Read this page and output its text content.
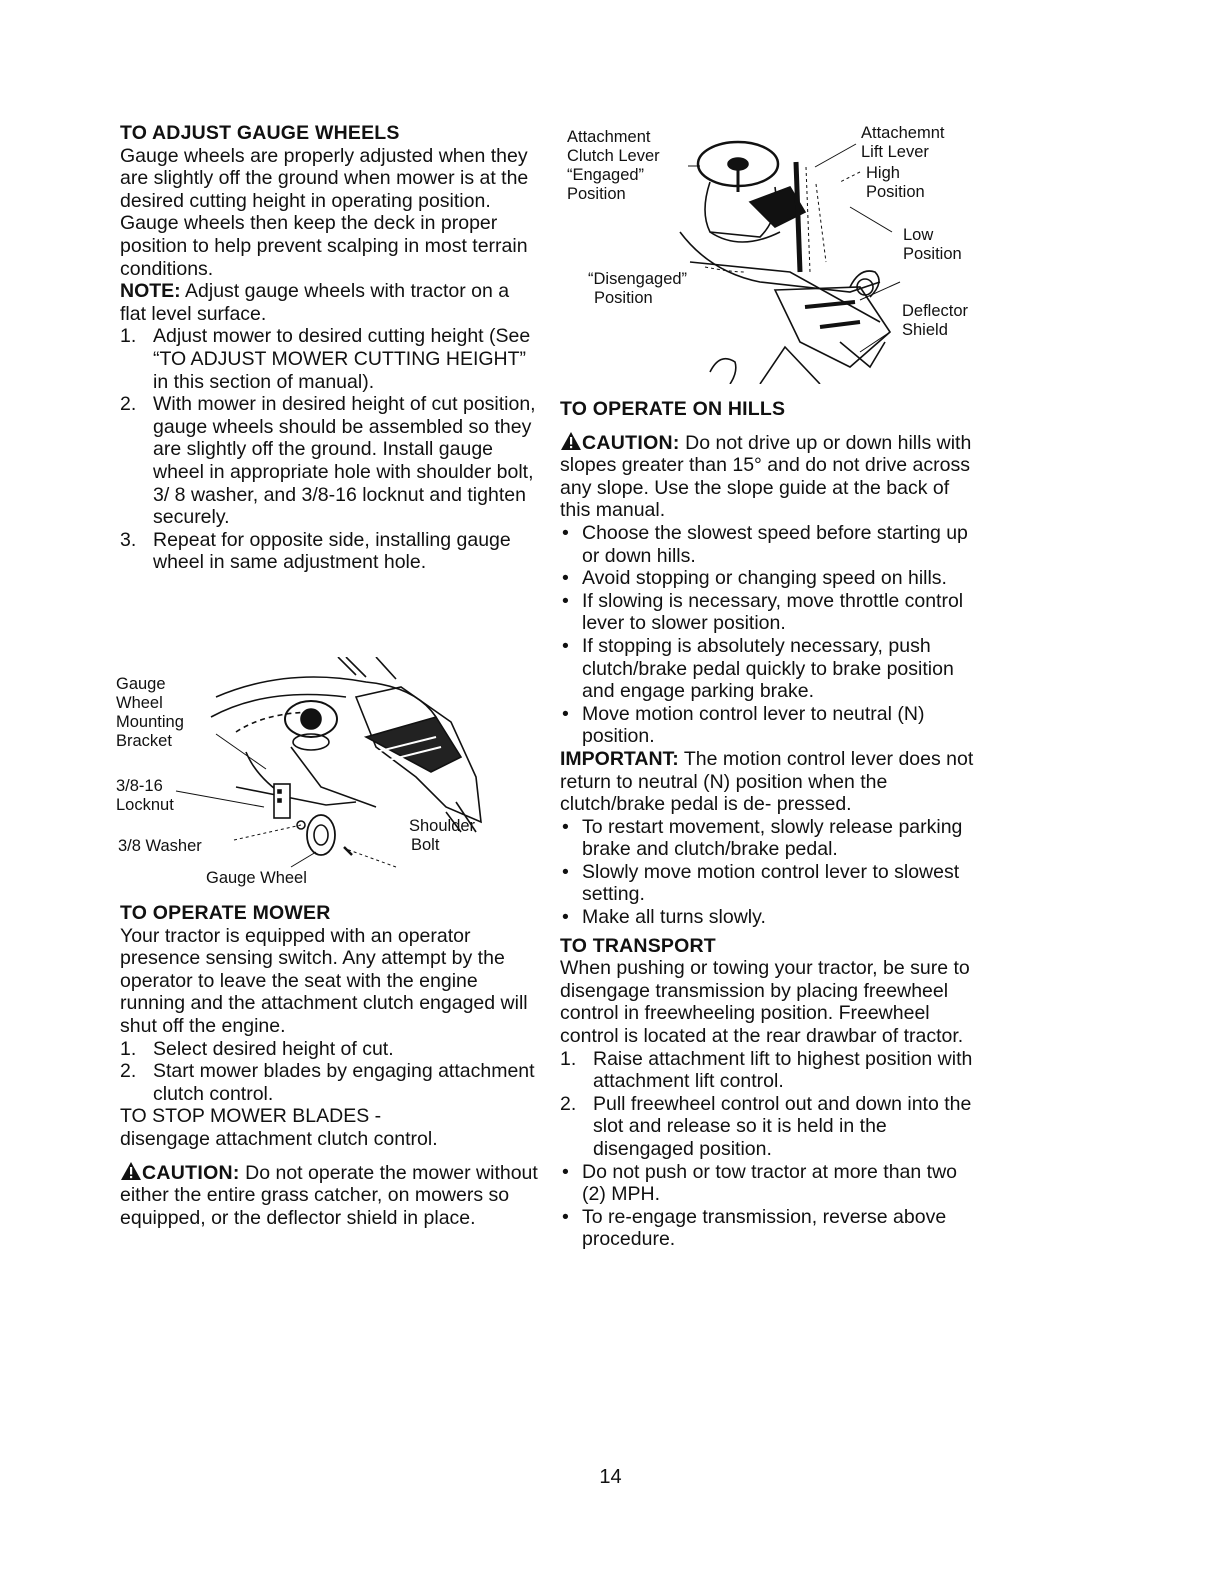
TO ADJUST GAUGE WHEELS

Gauge wheels are properly adjusted when they are slightly off the ground when mower is at the desired cutting height in operating position. Gauge wheels then keep the deck in proper position to help prevent scalping in most terrain conditions.

NOTE: Adjust gauge wheels with tractor on a flat level surface.

1. Adjust mower to desired cutting height (See “TO ADJUST MOWER CUTTING HEIGHT” in this section of manual).
2. With mower in desired height of cut position, gauge wheels should be assembled so they are slightly off the ground. Install gauge wheel in appropriate hole with shoulder bolt, 3/ 8 washer, and 3/8-16 locknut and tighten securely.
3. Repeat for opposite side, installing gauge wheel in same adjustment hole.
Gauge
Wheel
Mounting
Bracket
3/8-16
Locknut
3/8 Washer
Shoulder
Bolt
Gauge Wheel
TO OPERATE MOWER

Your tractor is equipped with an operator presence sensing switch. Any attempt by the operator to leave the seat with the engine running and the attachment clutch engaged will shut off the engine.

1. Select desired height of cut.
2. Start mower blades by engaging attachment clutch control.

TO STOP MOWER BLADES -

disengage attachment clutch control.

CAUTION: Do not operate the mower without either the entire grass catcher, on mowers so equipped, or the deflector shield in place.

Attachment
Clutch Lever
“Engaged”
Position
Attachemnt
Lift Lever
High
Position
Low
Position
“Disengaged”
Position
Deflector
Shield
TO OPERATE ON HILLS

CAUTION: Do not drive up or down hills with slopes greater than 15° and do not drive across any slope. Use the slope guide at the back of this manual.

• Choose the slowest speed before starting up or down hills.
• Avoid stopping or changing speed on hills.
• If slowing is necessary, move throttle control lever to slower position.
• If stopping is absolutely necessary, push clutch/brake pedal quickly to brake position and engage parking brake.
• Move motion control lever to neutral (N) position.

IMPORTANT: The motion control lever does not return to neutral (N) position when the clutch/brake pedal is de- pressed.

• To restart movement, slowly release parking brake and clutch/brake pedal.
• Slowly move motion control lever to slowest setting.
• Make all turns slowly.
TO TRANSPORT

When pushing or towing your tractor, be sure to disengage transmission by placing freewheel control in freewheeling position. Freewheel control is located at the rear drawbar of tractor.

1. Raise attachment lift to highest position with attachment lift control.
2. Pull freewheel control out and down into the slot and release so it is held in the disengaged position.
• Do not push or tow tractor at more than two (2) MPH.
• To re-engage transmission, reverse above procedure.
14
